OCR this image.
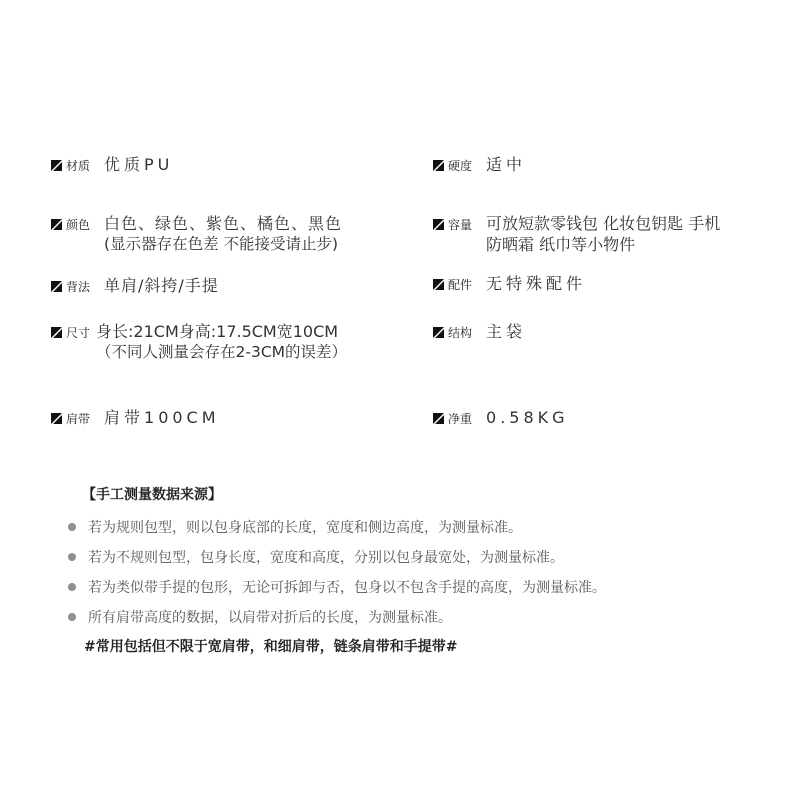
材质 优质PU
颜色 白色、绿色、紫色、橘色、黑色
(显示器存在色差 不能接受请止步)
背法 单肩/斜挎/手提
尺寸 身长:21CM身高:17.5CM宽10CM
（不同人测量会存在2-3CM的误差）
肩带 肩带100CM
硬度 适中
容量 可放短款零钱包 化妆包钥匙 手机
防晒霜 纸巾等小物件
配件 无特殊配件
结构 主袋
净重 0.58KG
【手工测量数据来源】
若为规则包型，则以包身底部的长度，宽度和侧边高度，为测量标准。
若为不规则包型，包身长度，宽度和高度，分别以包身最宽处，为测量标准。
若为类似带手提的包形，无论可拆卸与否，包身以不包含手提的高度，为测量标准。
所有肩带高度的数据，以肩带对折后的长度，为测量标准。
#常用包括但不限于宽肩带，和细肩带，链条肩带和手提带#
